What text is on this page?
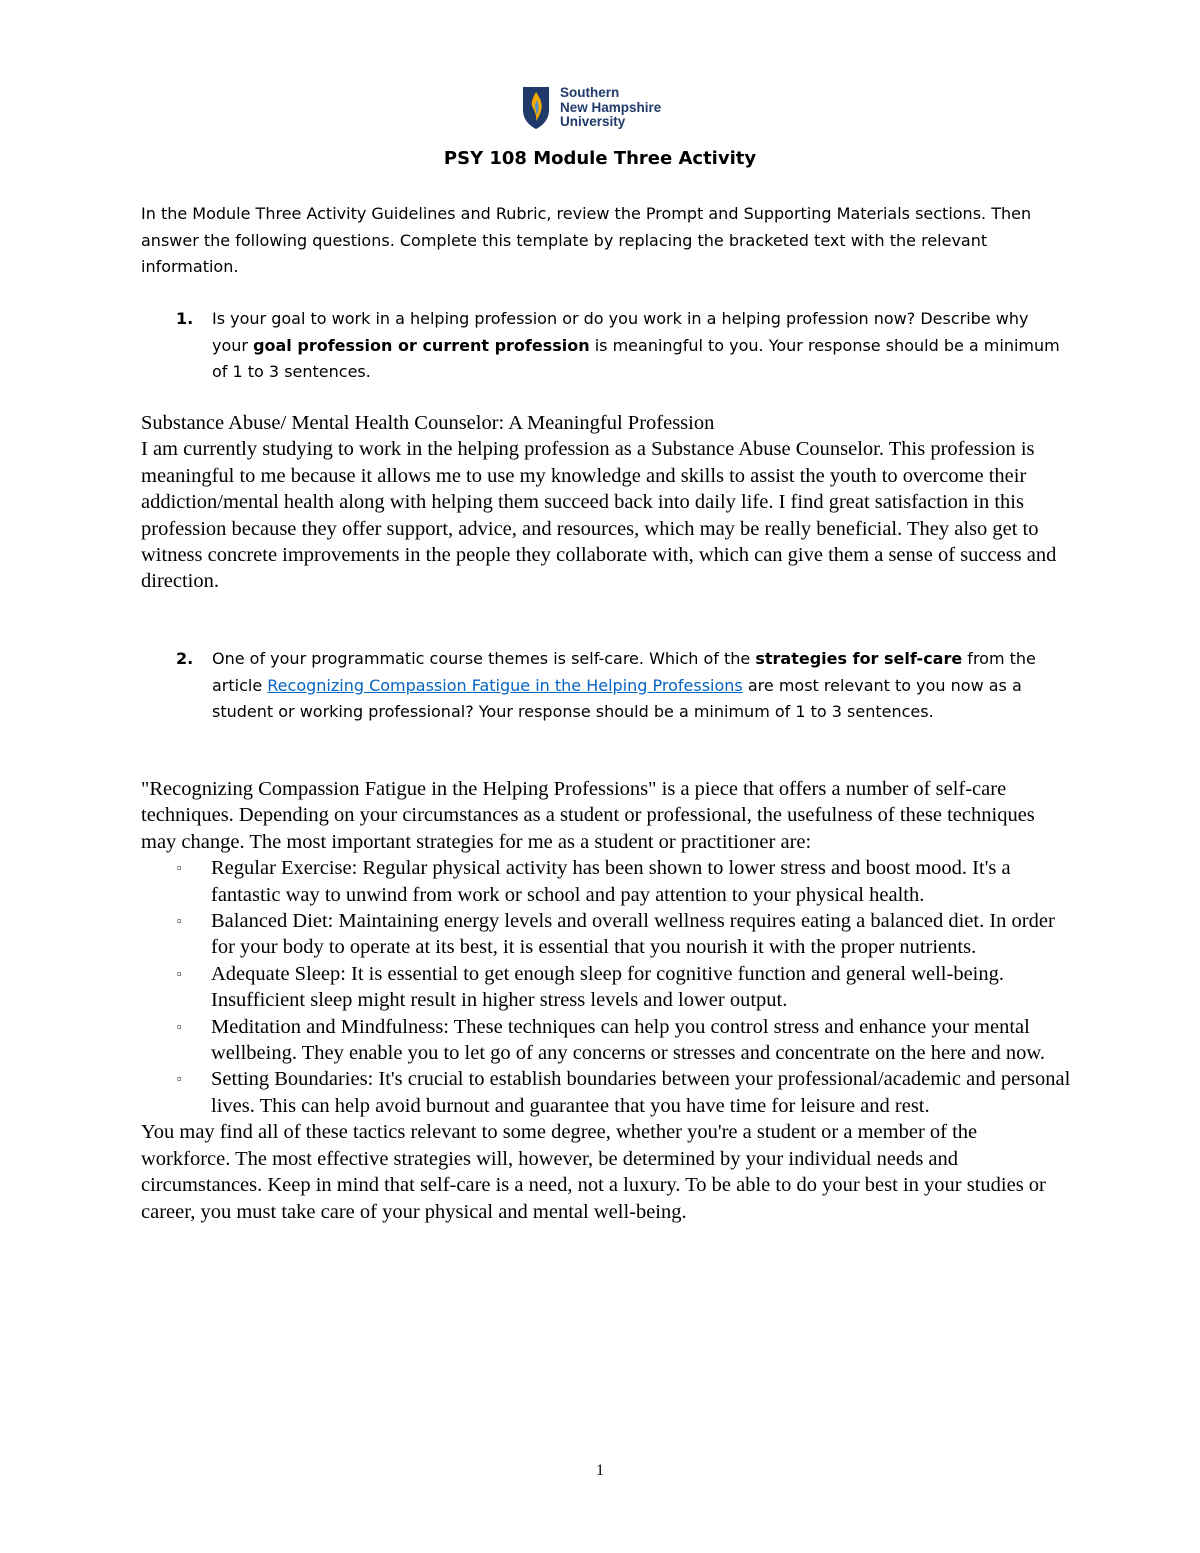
Southern
New Hampshire
University
PSY 108 Module Three Activity
In the Module Three Activity Guidelines and Rubric, review the Prompt and Supporting Materials sections. Then answer the following questions. Complete this template by replacing the bracketed text with the relevant information.
1. Is your goal to work in a helping profession or do you work in a helping profession now? Describe why your goal profession or current profession is meaningful to you. Your response should be a minimum of 1 to 3 sentences.

Substance Abuse/ Mental Health Counselor: A Meaningful Profession

I am currently studying to work in the helping profession as a Substance Abuse Counselor. This profession is meaningful to me because it allows me to use my knowledge and skills to assist the youth to overcome their addiction/mental health along with helping them succeed back into daily life. I find great satisfaction in this profession because they offer support, advice, and resources, which may be really beneficial. They also get to witness concrete improvements in the people they collaborate with, which can give them a sense of success and direction.

2. One of your programmatic course themes is self-care. Which of the strategies for self-care from the article Recognizing Compassion Fatigue in the Helping Professions are most relevant to you now as a student or working professional? Your response should be a minimum of 1 to 3 sentences.

"Recognizing Compassion Fatigue in the Helping Professions" is a piece that offers a number of self-care techniques. Depending on your circumstances as a student or professional, the usefulness of these techniques may change. The most important strategies for me as a student or practitioner are:

▫ Regular Exercise: Regular physical activity has been shown to lower stress and boost mood. It's a fantastic way to unwind from work or school and pay attention to your physical health.
▫ Balanced Diet: Maintaining energy levels and overall wellness requires eating a balanced diet. In order for your body to operate at its best, it is essential that you nourish it with the proper nutrients.
▫ Adequate Sleep: It is essential to get enough sleep for cognitive function and general well-being. Insufficient sleep might result in higher stress levels and lower output.
▫ Meditation and Mindfulness: These techniques can help you control stress and enhance your mental wellbeing. They enable you to let go of any concerns or stresses and concentrate on the here and now.
▫ Setting Boundaries: It's crucial to establish boundaries between your professional/academic and personal lives. This can help avoid burnout and guarantee that you have time for leisure and rest.

You may find all of these tactics relevant to some degree, whether you're a student or a member of the workforce. The most effective strategies will, however, be determined by your individual needs and circumstances. Keep in mind that self-care is a need, not a luxury. To be able to do your best in your studies or career, you must take care of your physical and mental well-being.

1
